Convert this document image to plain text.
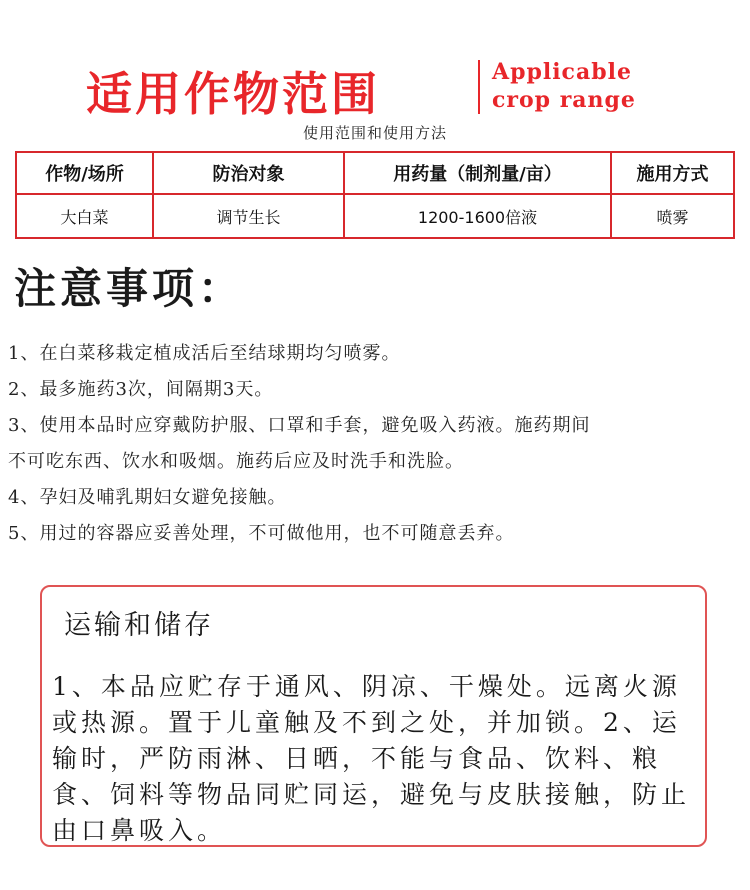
适用作物范围	Applicable
crop range
使用范围和使用方法
作物/场所	防治对象	用药量（制剂量/亩）	施用方式
大白菜	调节生长	1200-1600倍液	喷雾
注意事项：

1、在白菜移栽定植成活后至结球期均匀喷雾。

2、最多施药3次，间隔期3天。

3、使用本品时应穿戴防护服、口罩和手套，避免吸入药液。施药期间

不可吃东西、饮水和吸烟。施药后应及时洗手和洗脸。

4、孕妇及哺乳期妇女避免接触。

5、用过的容器应妥善处理，不可做他用，也不可随意丢弃。

运输和储存
1、本品应贮存于通风、阴凉、干燥处。远离火源或热源。置于儿童触及不到之处，并加锁。2、运输时，严防雨淋、日晒，不能与食品、饮料、粮食、饲料等物品同贮同运，避免与皮肤接触，防止由口鼻吸入。
